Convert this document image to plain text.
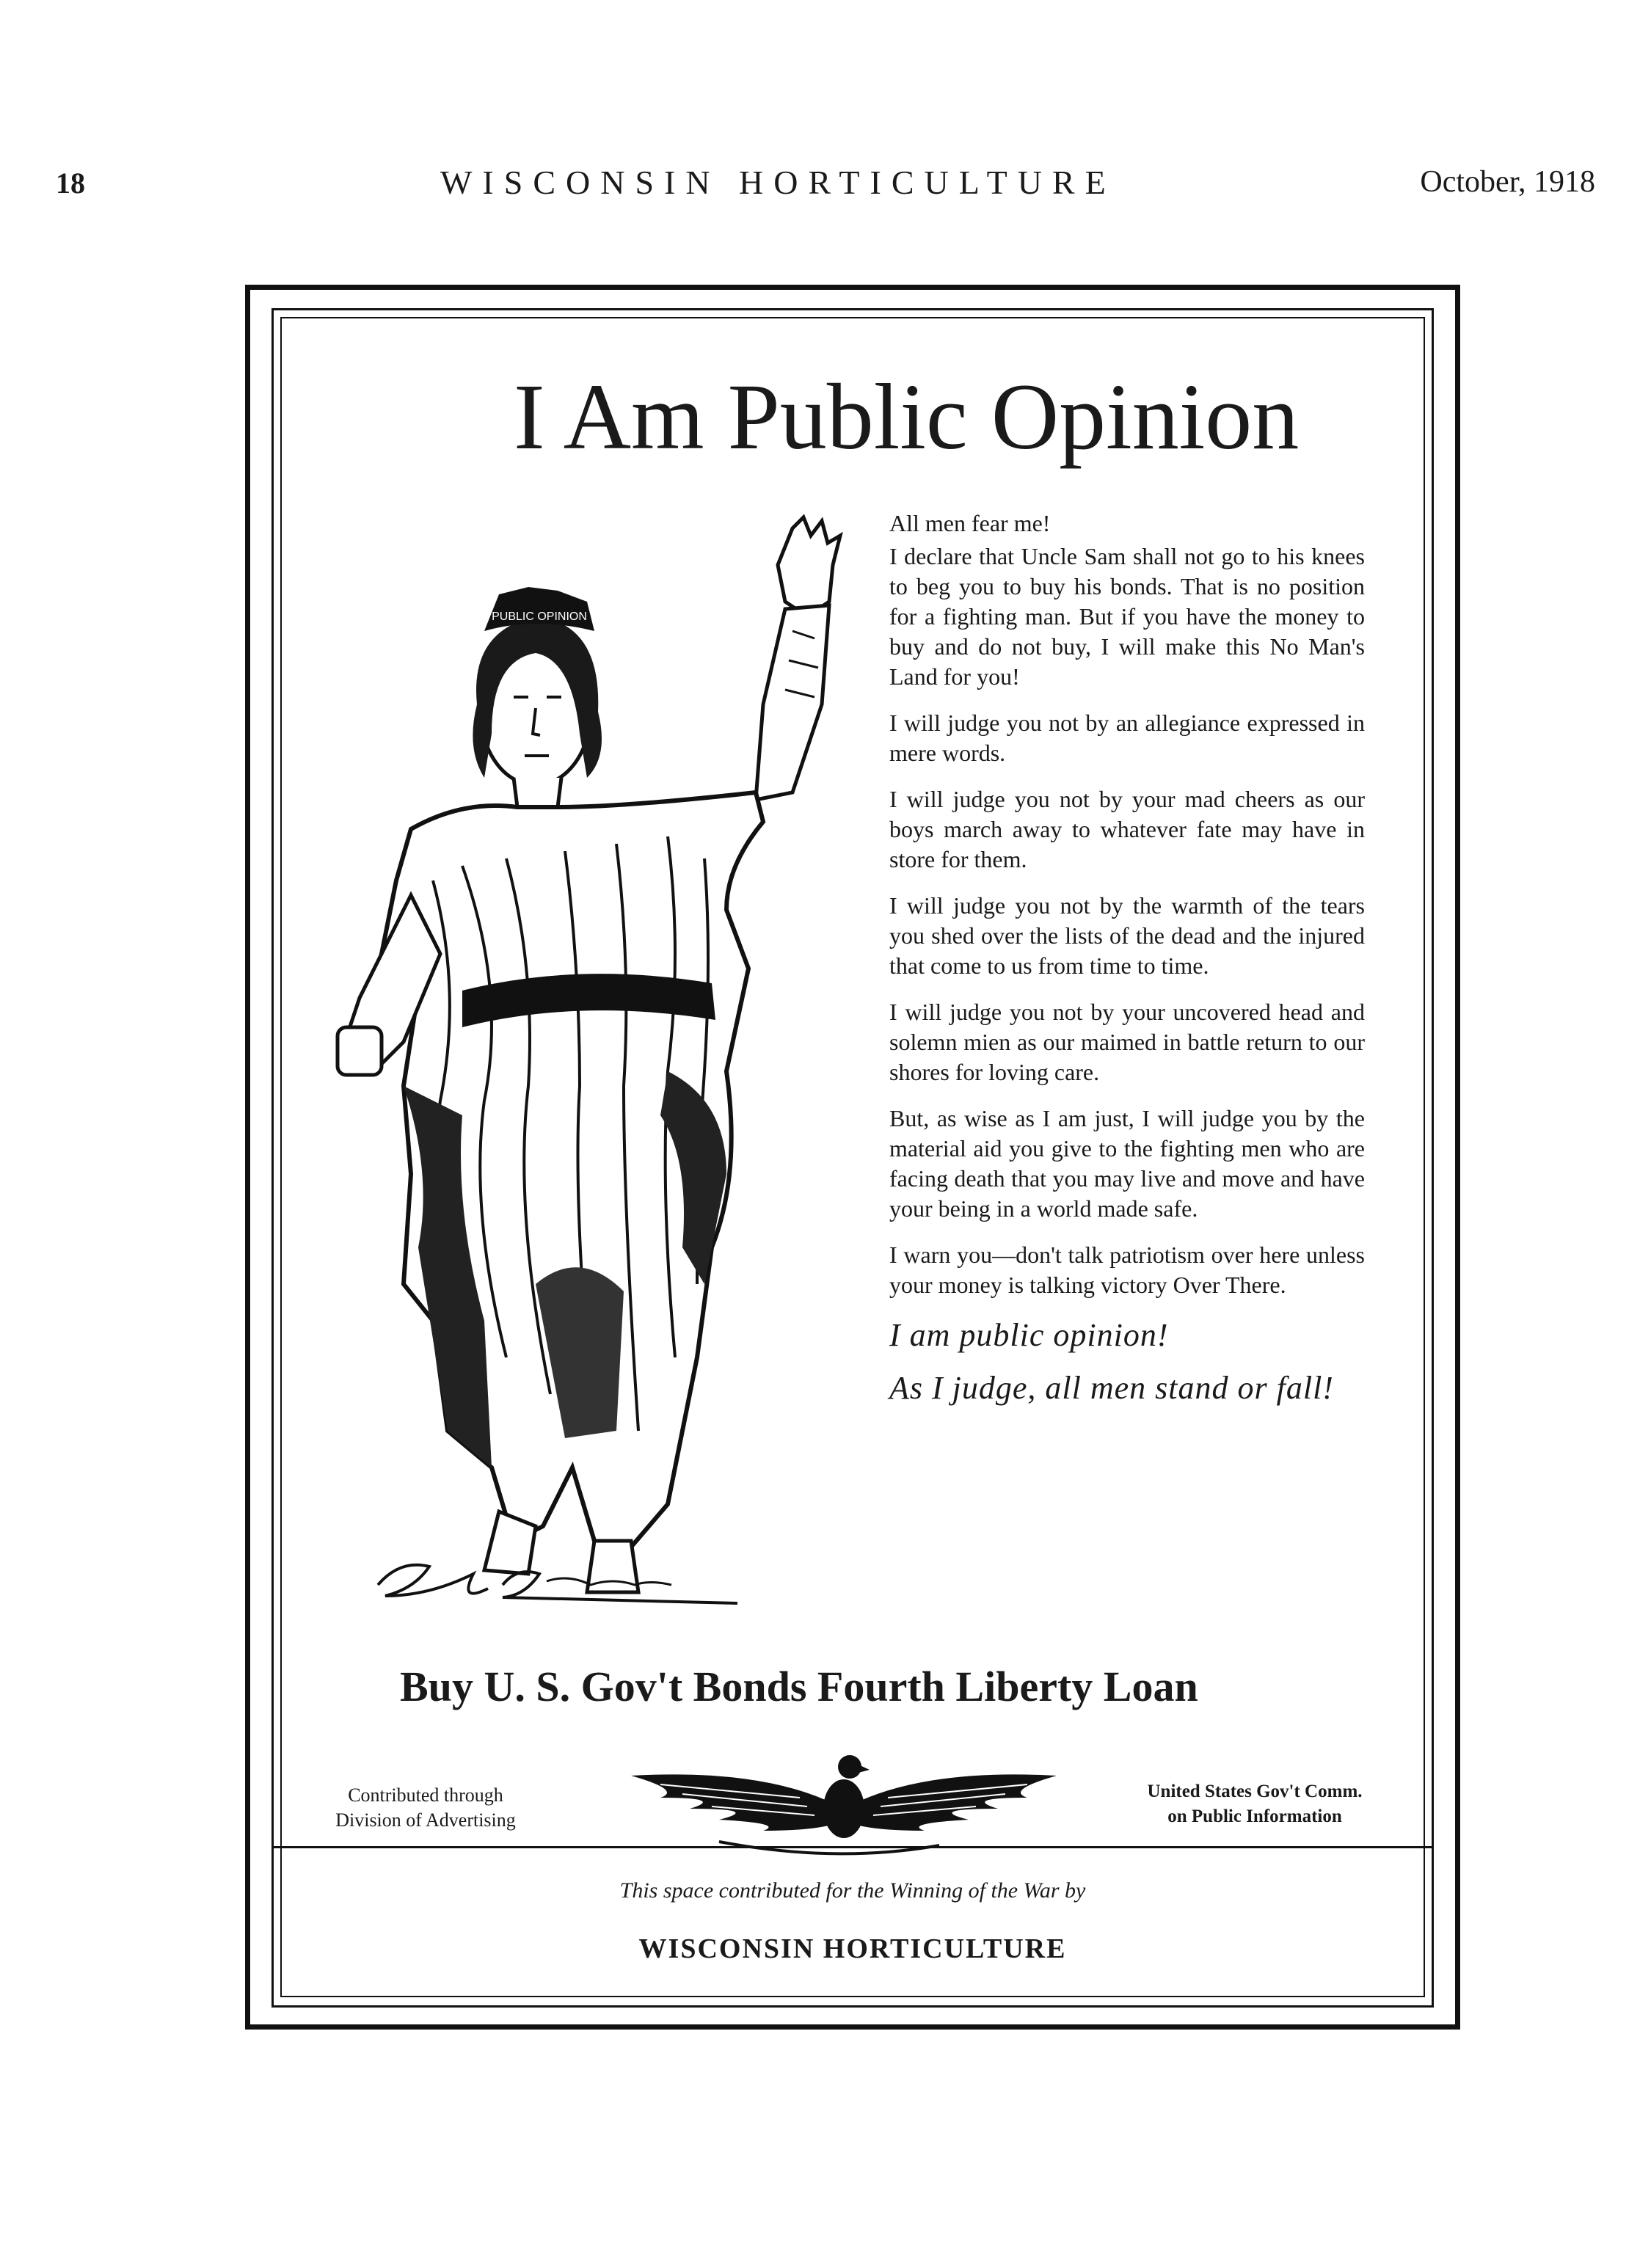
18	WISCONSIN HORTICULTURE	October, 1918
I Am Public Opinion
PUBLIC OPINION

All men fear me!

I declare that Uncle Sam shall not go to his knees to beg you to buy his bonds. That is no position for a fighting man. But if you have the money to buy and do not buy, I will make this No Man's Land for you!

I will judge you not by an allegiance expressed in mere words.

I will judge you not by your mad cheers as our boys march away to whatever fate may have in store for them.

I will judge you not by the warmth of the tears you shed over the lists of the dead and the injured that come to us from time to time.

I will judge you not by your uncovered head and solemn mien as our maimed in battle return to our shores for loving care.

But, as wise as I am just, I will judge you by the material aid you give to the fighting men who are facing death that you may live and move and have your being in a world made safe.

I warn you—don't talk patriotism over here unless your money is talking victory Over There.

I am public opinion!

As I judge, all men stand or fall!

Buy U. S. Gov't Bonds Fourth Liberty Loan
Contributed through
Division of Advertising
United States Gov't Comm.
on Public Information
This space contributed for the Winning of the War by
WISCONSIN HORTICULTURE
